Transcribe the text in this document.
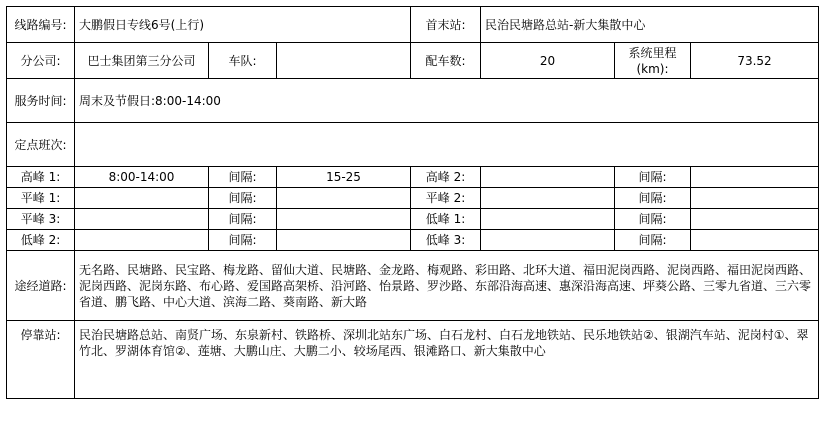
线路编号:	大鹏假日专线6号(上行)			首末站:	民治民塘路总站-新大集散中心		
分公司:	巴士集团第三分公司	车队:		配车数:	20	系统里程(km):	73.52
服务时间:	周末及节假日:8:00-14:00						
定点班次:							
高峰 1:	8:00-14:00	间隔:	15-25	高峰 2:		间隔:	
平峰 1:		间隔:		平峰 2:		间隔:	
平峰 3:		间隔:		低峰 1:		间隔:	
低峰 2:		间隔:		低峰 3:		间隔:	
途经道路:	无名路、民塘路、民宝路、梅龙路、留仙大道、民塘路、金龙路、梅观路、彩田路、北环大道、福田泥岗西路、泥岗西路、福田泥岗西路、泥岗西路、泥岗东路、布心路、爱国路高架桥、沿河路、怡景路、罗沙路、东部沿海高速、惠深沿海高速、坪葵公路、三零九省道、三六零省道、鹏飞路、中心大道、滨海二路、葵南路、新大路						
停靠站:	民治民塘路总站、南贤广场、东泉新村、铁路桥、深圳北站东广场、白石龙村、白石龙地铁站、民乐地铁站②、银湖汽车站、泥岗村①、翠竹北、罗湖体育馆②、莲塘、大鹏山庄、大鹏二小、较场尾西、银滩路口、新大集散中心						
